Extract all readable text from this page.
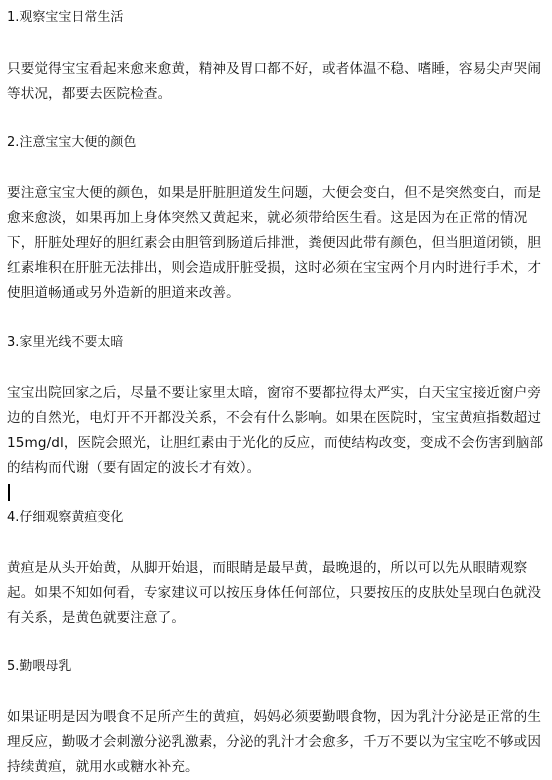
1.观察宝宝日常生活
只要觉得宝宝看起来愈来愈黄，精神及胃口都不好，或者体温不稳、嗜睡，容易尖声哭闹等状况，都要去医院检查。
2.注意宝宝大便的颜色
要注意宝宝大便的颜色，如果是肝脏胆道发生问题，大便会变白，但不是突然变白，而是愈来愈淡，如果再加上身体突然又黄起来，就必须带给医生看。这是因为在正常的情况下，肝脏处理好的胆红素会由胆管到肠道后排泄，粪便因此带有颜色，但当胆道闭锁，胆红素堆积在肝脏无法排出，则会造成肝脏受损，这时必须在宝宝两个月内时进行手术，才使胆道畅通或另外造新的胆道来改善。
3.家里光线不要太暗
宝宝出院回家之后，尽量不要让家里太暗，窗帘不要都拉得太严实，白天宝宝接近窗户旁边的自然光，电灯开不开都没关系，不会有什么影响。如果在医院时，宝宝黄疸指数超过 15mg/dl，医院会照光，让胆红素由于光化的反应，而使结构改变，变成不会伤害到脑部的结构而代谢（要有固定的波长才有效）。
4.仔细观察黄疸变化
黄疸是从头开始黄，从脚开始退，而眼睛是最早黄，最晚退的，所以可以先从眼睛观察起。如果不知如何看，专家建议可以按压身体任何部位，只要按压的皮肤处呈现白色就没有关系，是黄色就要注意了。
5.勤喂母乳
如果证明是因为喂食不足所产生的黄疸，妈妈必须要勤喂食物，因为乳汁分泌是正常的生理反应，勤吸才会刺激分泌乳激素，分泌的乳汁才会愈多，千万不要以为宝宝吃不够或因持续黄疸，就用水或糖水补充。
